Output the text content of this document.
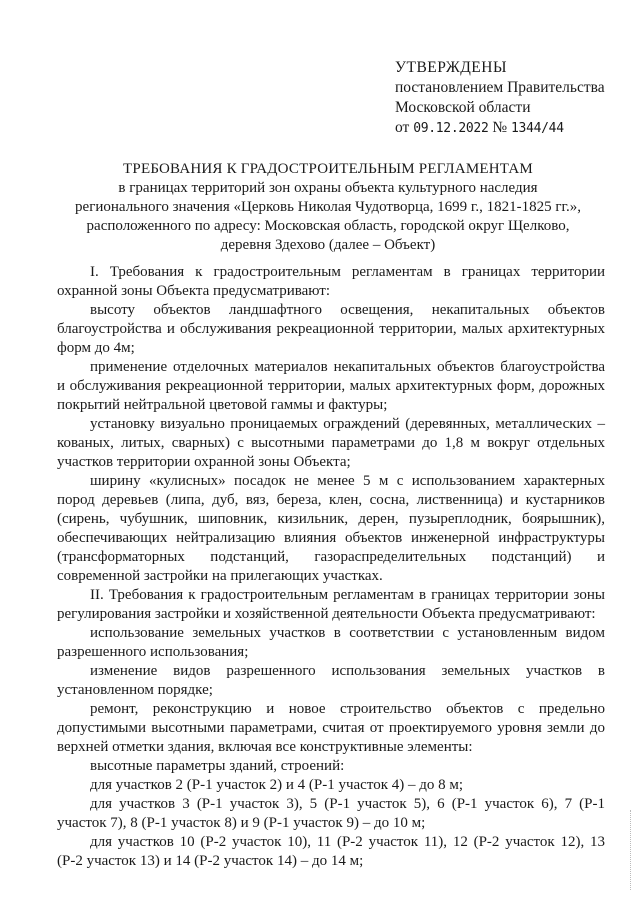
УТВЕРЖДЕНЫ
постановлением Правительства
Московской области
от 09.12.2022 № 1344/44
ТРЕБОВАНИЯ К ГРАДОСТРОИТЕЛЬНЫМ РЕГЛАМЕНТАМ
в границах территорий зон охраны объекта культурного наследия
регионального значения «Церковь Николая Чудотворца, 1699 г., 1821-1825 гг.»,
расположенного по адресу: Московская область, городской округ Щелково,
деревня Здехово (далее – Объект)

I. Требования к градостроительным регламентам в границах территории охранной зоны Объекта предусматривают:

высоту объектов ландшафтного освещения, некапитальных объектов благоустройства и обслуживания рекреационной территории, малых архитектурных форм до 4м;

применение отделочных материалов некапитальных объектов благоустройства и обслуживания рекреационной территории, малых архитектурных форм, дорожных покрытий нейтральной цветовой гаммы и фактуры;

установку визуально проницаемых ограждений (деревянных, металлических – кованых, литых, сварных) с высотными параметрами до 1,8 м вокруг отдельных участков территории охранной зоны Объекта;

ширину «кулисных» посадок не менее 5 м с использованием характерных пород деревьев (липа, дуб, вяз, береза, клен, сосна, лиственница) и кустарников (сирень, чубушник, шиповник, кизильник, дерен, пузыреплодник, боярышник), обеспечивающих нейтрализацию влияния объектов инженерной инфраструктуры (трансформаторных подстанций, газораспределительных подстанций) и современной застройки на прилегающих участках.

II. Требования к градостроительным регламентам в границах территории зоны регулирования застройки и хозяйственной деятельности Объекта предусматривают:

использование земельных участков в соответствии с установленным видом разрешенного использования;

изменение видов разрешенного использования земельных участков в установленном порядке;

ремонт, реконструкцию и новое строительство объектов с предельно допустимыми высотными параметрами, считая от проектируемого уровня земли до верхней отметки здания, включая все конструктивные элементы:

высотные параметры зданий, строений:

для участков 2 (Р-1 участок 2) и 4 (Р-1 участок 4) – до 8 м;

для участков 3 (Р-1 участок 3), 5 (Р-1 участок 5), 6 (Р-1 участок 6), 7 (Р-1 участок 7), 8 (Р-1 участок 8) и 9 (Р-1 участок 9) – до 10 м;

для участков 10 (Р-2 участок 10), 11 (Р-2 участок 11), 12 (Р-2 участок 12), 13 (Р-2 участок 13) и 14 (Р-2 участок 14) – до 14 м;
